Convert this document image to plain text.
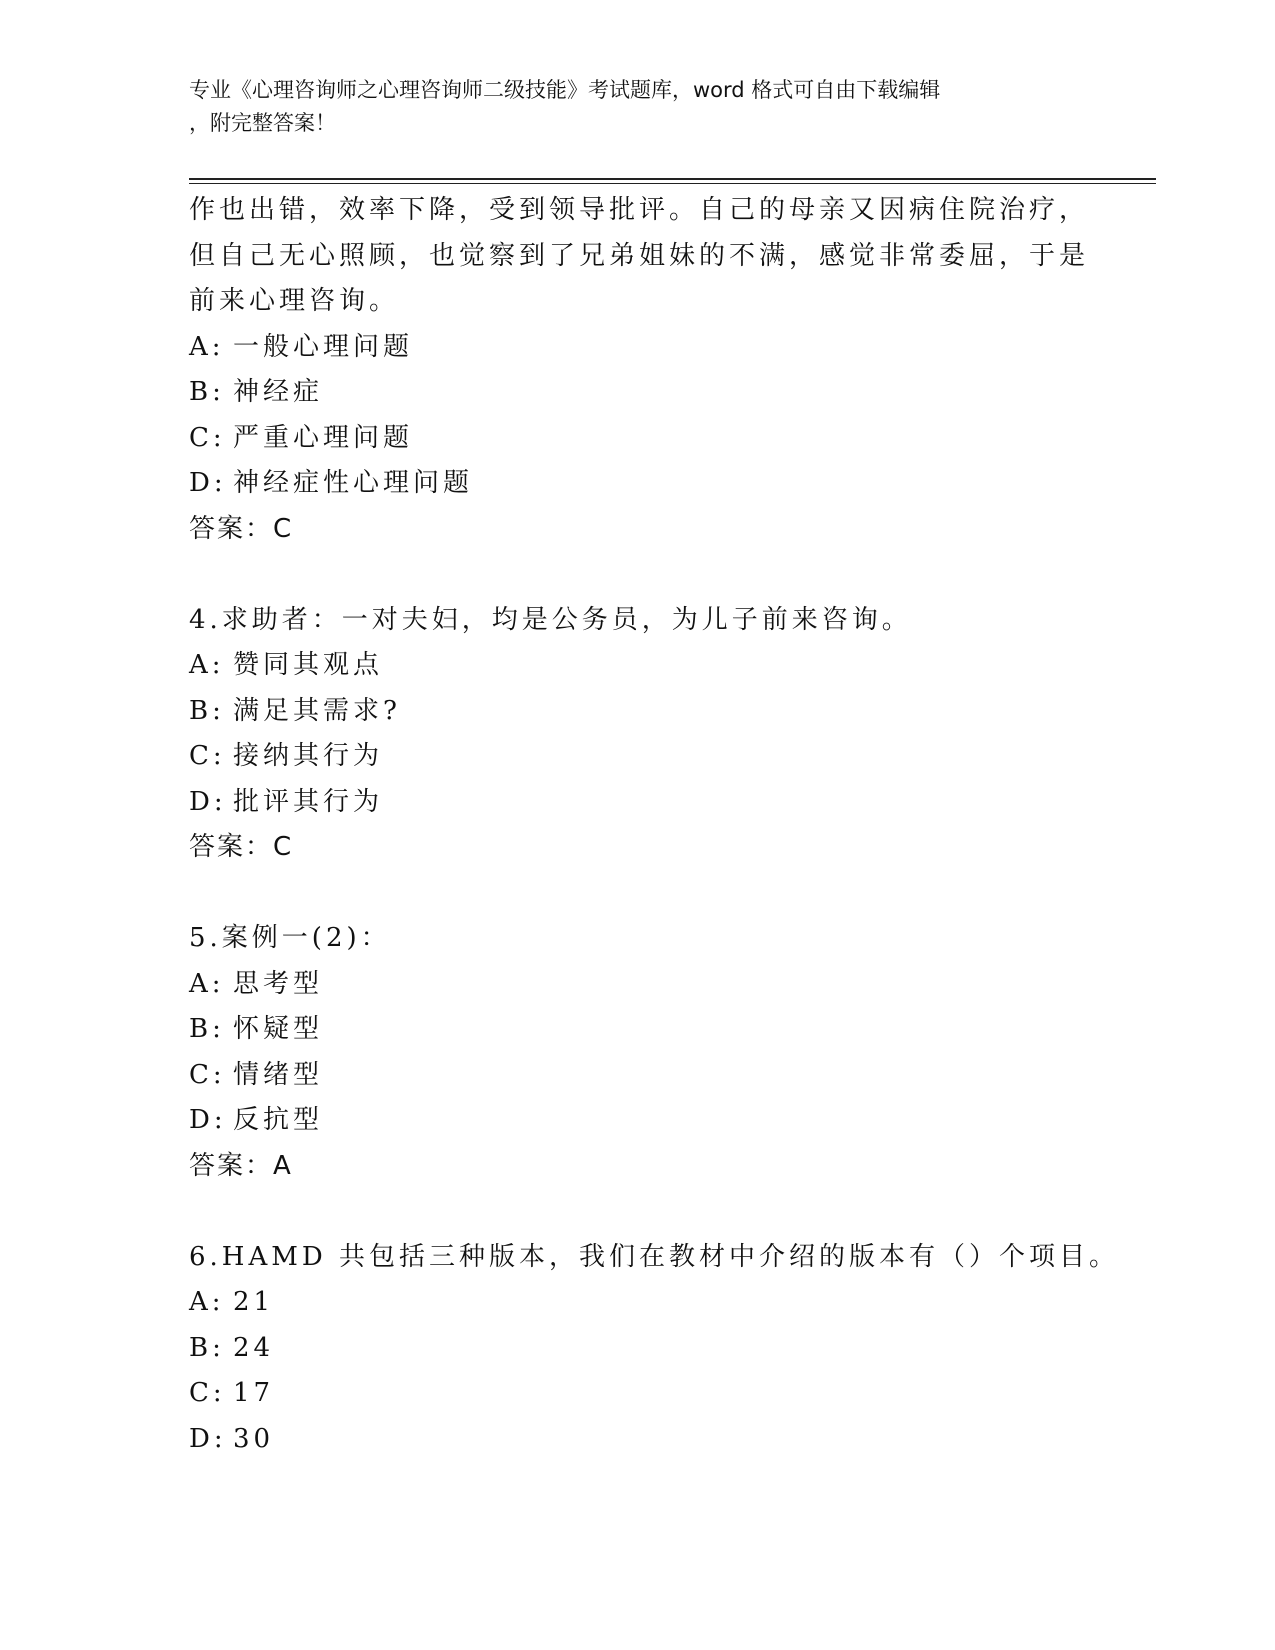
专业《心理咨询师之心理咨询师二级技能》考试题库，word 格式可自由下载编辑
，附完整答案！
作也出错，效率下降，受到领导批评。自己的母亲又因病住院治疗，
但自己无心照顾，也觉察到了兄弟姐妹的不满，感觉非常委屈，于是
前来心理咨询。
A: 一般心理问题
B: 神经症
C: 严重心理问题
D: 神经症性心理问题
答案：C
4.求助者：一对夫妇，均是公务员，为儿子前来咨询。
A: 赞同其观点
B: 满足其需求?
C: 接纳其行为
D: 批评其行为
答案：C
5.案例一(2)：
A: 思考型
B: 怀疑型
C: 情绪型
D: 反抗型
答案：A
6.HAMD 共包括三种版本，我们在教材中介绍的版本有（）个项目。
A: 21
B: 24
C: 17
D: 30
